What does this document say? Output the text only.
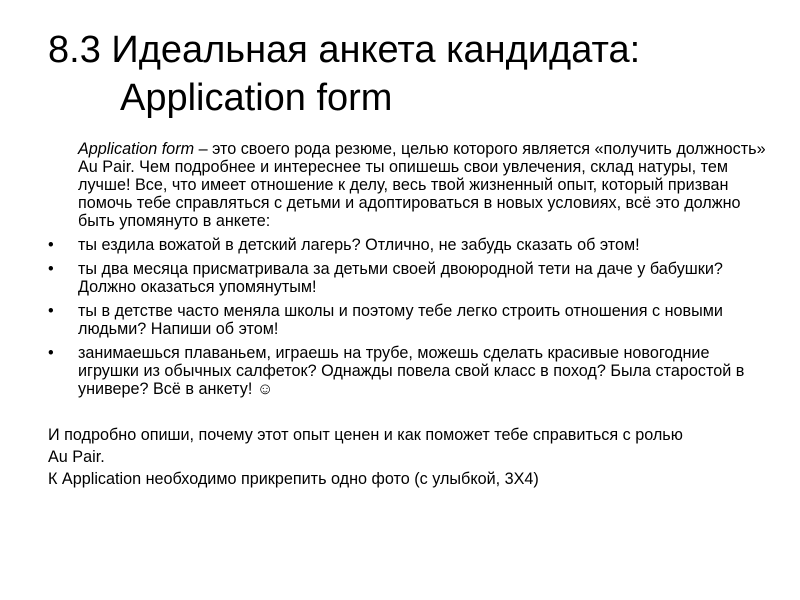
8.3 Идеальная анкета кандидата:
Application form

Application form – это своего рода резюме, целью которого является «получить должность» Au Pair. Чем подробнее и интереснее ты опишешь свои увлечения, склад натуры, тем лучше! Все, что имеет отношение к делу, весь твой жизненный опыт, который призван помочь тебе справляться с детьми и адоптироваться в новых условиях, всё это должно быть упомянуто в анкете:

•	ты ездила вожатой в детский лагерь? Отлично, не забудь сказать об этом!
•	ты два месяца присматривала за детьми своей двоюродной тети на даче у бабушки? Должно оказаться упомянутым!
•	ты в детстве часто меняла школы и поэтому тебе легко строить отношения с новыми людьми? Напиши об этом!
•	занимаешься плаваньем, играешь на трубе, можешь сделать красивые новогодние игрушки из обычных салфеток? Однажды повела свой класс в поход? Была старостой в универе? Всё в анкету! ☺

И подробно опиши, почему этот опыт ценен и как поможет тебе справиться с ролью

Au Pair.

К Application необходимо прикрепить одно фото (с улыбкой, 3X4)
